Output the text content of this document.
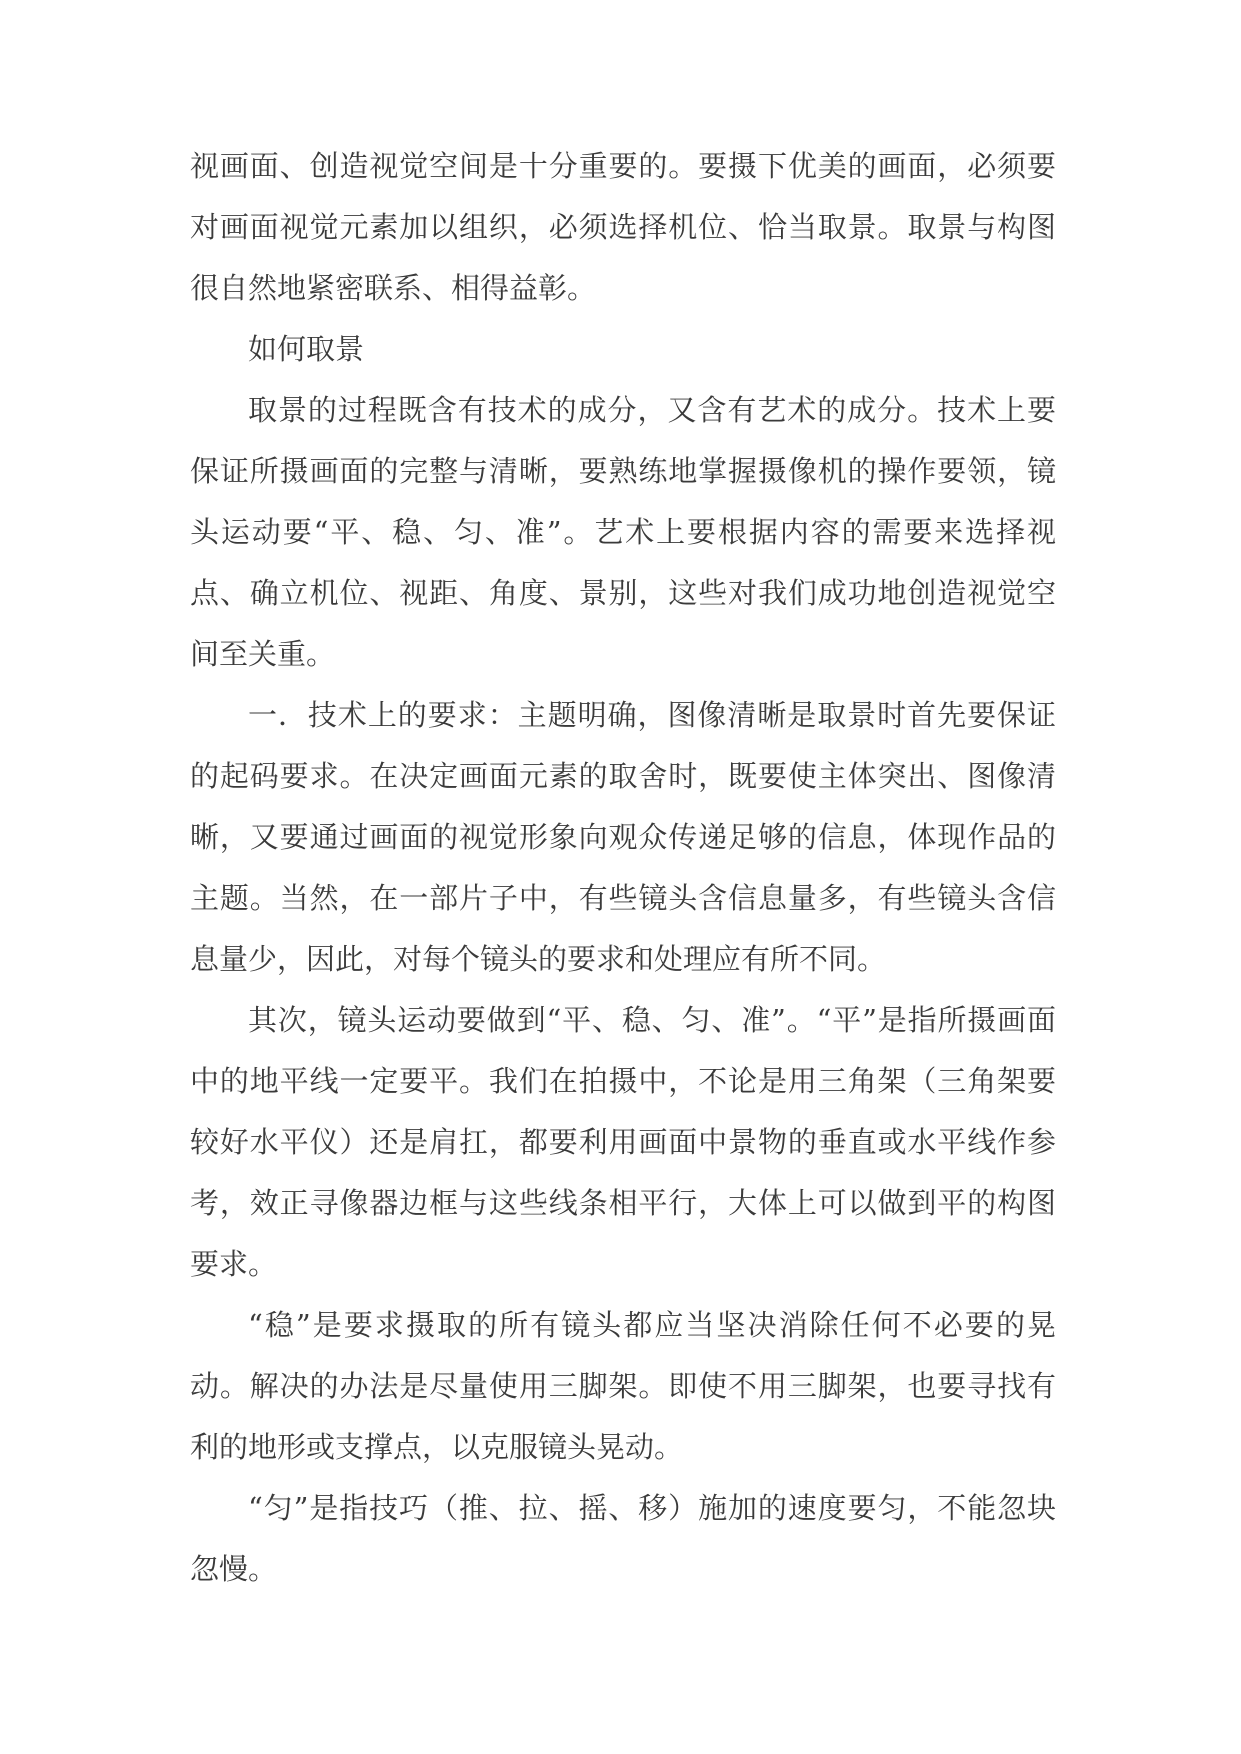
视画面、创造视觉空间是十分重要的。要摄下优美的画面，必须要对画面视觉元素加以组织，必须选择机位、恰当取景。取景与构图很自然地紧密联系、相得益彰。

如何取景

取景的过程既含有技术的成分，又含有艺术的成分。技术上要保证所摄画面的完整与清晰，要熟练地掌握摄像机的操作要领，镜头运动要“平、稳、匀、准”。艺术上要根据内容的需要来选择视点、确立机位、视距、角度、景别，这些对我们成功地创造视觉空间至关重。

一．技术上的要求：主题明确，图像清晰是取景时首先要保证的起码要求。在决定画面元素的取舍时，既要使主体突出、图像清晰，又要通过画面的视觉形象向观众传递足够的信息，体现作品的主题。当然，在一部片子中，有些镜头含信息量多，有些镜头含信息量少，因此，对每个镜头的要求和处理应有所不同。

其次，镜头运动要做到“平、稳、匀、准”。“平”是指所摄画面中的地平线一定要平。我们在拍摄中，不论是用三角架（三角架要较好水平仪）还是肩扛，都要利用画面中景物的垂直或水平线作参考，效正寻像器边框与这些线条相平行，大体上可以做到平的构图要求。

“稳”是要求摄取的所有镜头都应当坚决消除任何不必要的晃动。解决的办法是尽量使用三脚架。即使不用三脚架，也要寻找有利的地形或支撑点，以克服镜头晃动。

“匀”是指技巧（推、拉、摇、移）施加的速度要匀，不能忽块忽慢。
